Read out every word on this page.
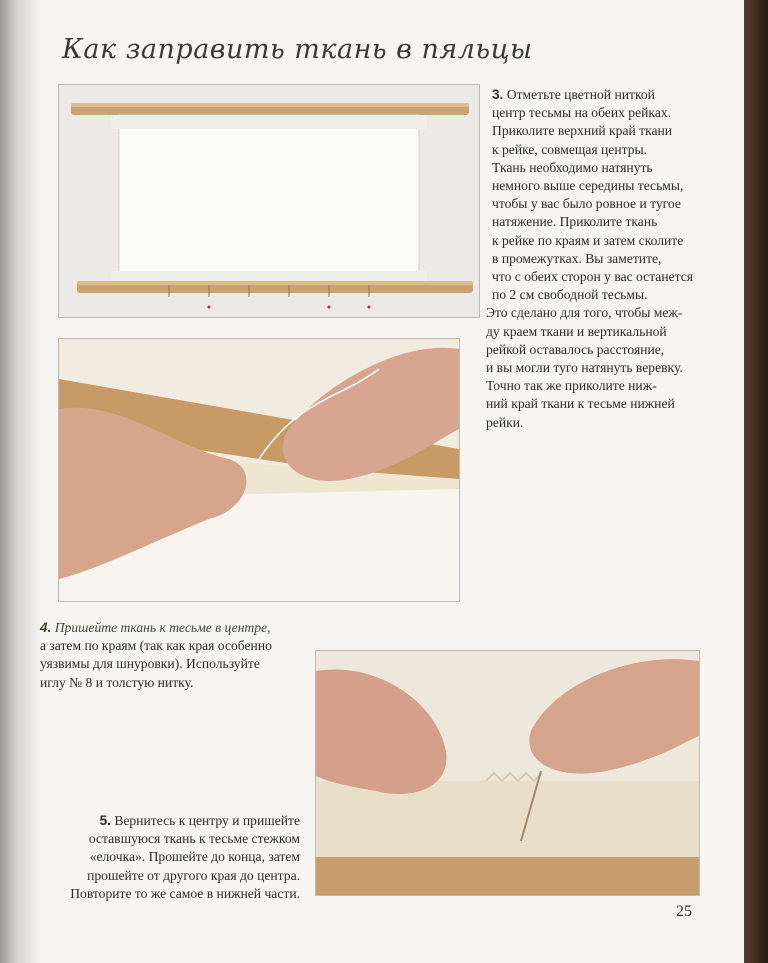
Как заправить ткань в пяльцы

3. Отметьте цветной ниткой

центр тесьмы на обеих рейках.

Приколите верхний край ткани

к рейке, совмещая центры.

Ткань необходимо натянуть

немного выше середины тесьмы,

чтобы у вас было ровное и тугое

натяжение. Приколите ткань

к рейке по краям и затем сколите

в промежутках. Вы заметите,

что с обеих сторон у вас останется

по 2 см свободной тесьмы.

Это сделано для того, чтобы меж-

ду краем ткани и вертикальной

рейкой оставалось расстояние,

и вы могли туго натянуть веревку.

Точно так же приколите ниж-

ний край ткани к тесьме нижней

рейки.

4. Пришейте ткань к тесьме в центре,

а затем по краям (так как края особенно

уязвимы для шнуровки). Используйте

иглу № 8 и толстую нитку.

5. Вернитесь к центру и пришейте

оставшуюся ткань к тесьме стежком

«елочка». Прошейте до конца, затем

прошейте от другого края до центра.

Повторите то же самое в нижней части.

25
